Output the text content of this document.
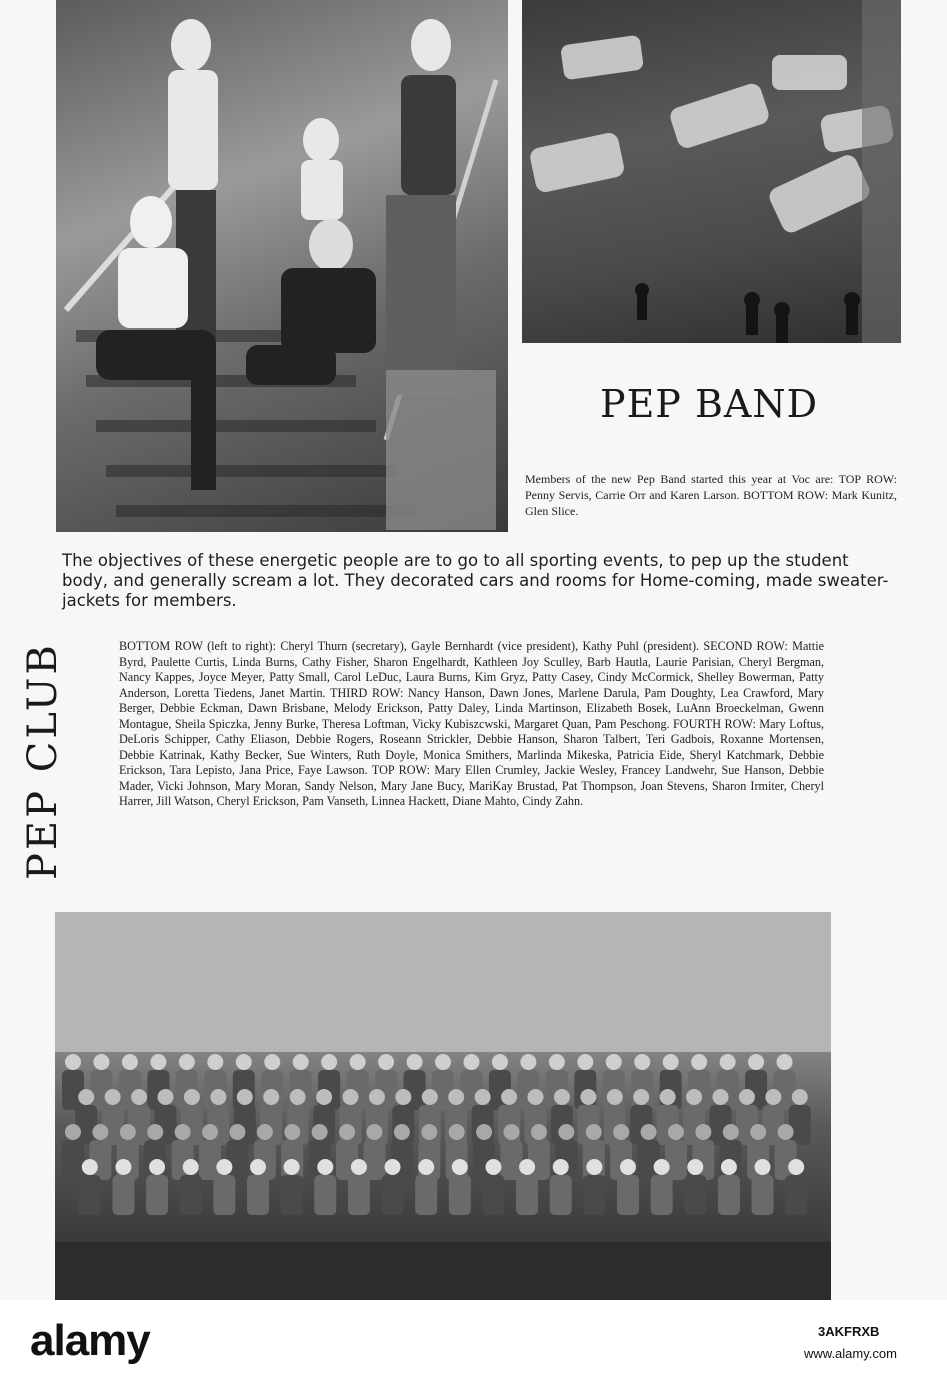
PEP BAND
Members of the new Pep Band started this year at Voc are: TOP ROW: Penny Servis, Carrie Orr and Karen Larson. BOTTOM ROW: Mark Kunitz, Glen Slice.
The objectives of these energetic people are to go to all sporting events, to pep up the student body, and generally scream a lot. They decorated cars and rooms for Home-coming, made sweater-jackets for members.
PEP CLUB	BOTTOM ROW (left to right): Cheryl Thurn (secretary), Gayle Bernhardt (vice president), Kathy Puhl (president). SECOND ROW: Mattie Byrd, Paulette Curtis, Linda Burns, Cathy Fisher, Sharon Engelhardt, Kathleen Joy Sculley, Barb Hautla, Laurie Parisian, Cheryl Bergman, Nancy Kappes, Joyce Meyer, Patty Small, Carol LeDuc, Laura Burns, Kim Gryz, Patty Casey, Cindy McCormick, Shelley Bowerman, Patty Anderson, Loretta Tiedens, Janet Martin. THIRD ROW: Nancy Hanson, Dawn Jones, Marlene Darula, Pam Doughty, Lea Crawford, Mary Berger, Debbie Eckman, Dawn Brisbane, Melody Erickson, Patty Daley, Linda Martinson, Elizabeth Bosek, LuAnn Broeckelman, Gwenn Montague, Sheila Spiczka, Jenny Burke, Theresa Loftman, Vicky Kubiszcwski, Margaret Quan, Pam Peschong. FOURTH ROW: Mary Loftus, DeLoris Schipper, Cathy Eliason, Debbie Rogers, Roseann Strickler, Debbie Hanson, Sharon Talbert, Teri Gadbois, Roxanne Mortensen, Debbie Katrinak, Kathy Becker, Sue Winters, Ruth Doyle, Monica Smithers, Marlinda Mikeska, Patricia Eide, Sheryl Katchmark, Debbie Erickson, Tara Lepisto, Jana Price, Faye Lawson. TOP ROW: Mary Ellen Crumley, Jackie Wesley, Francey Landwehr, Sue Hanson, Debbie Mader, Vicki Johnson, Mary Moran, Sandy Nelson, Mary Jane Bucy, MariKay Brustad, Pat Thompson, Joan Stevens, Sharon Irmiter, Cheryl Harrer, Jill Watson, Cheryl Erickson, Pam Vanseth, Linnea Hackett, Diane Mahto, Cindy Zahn.
alamy	3AKFRXB
www.alamy.com
